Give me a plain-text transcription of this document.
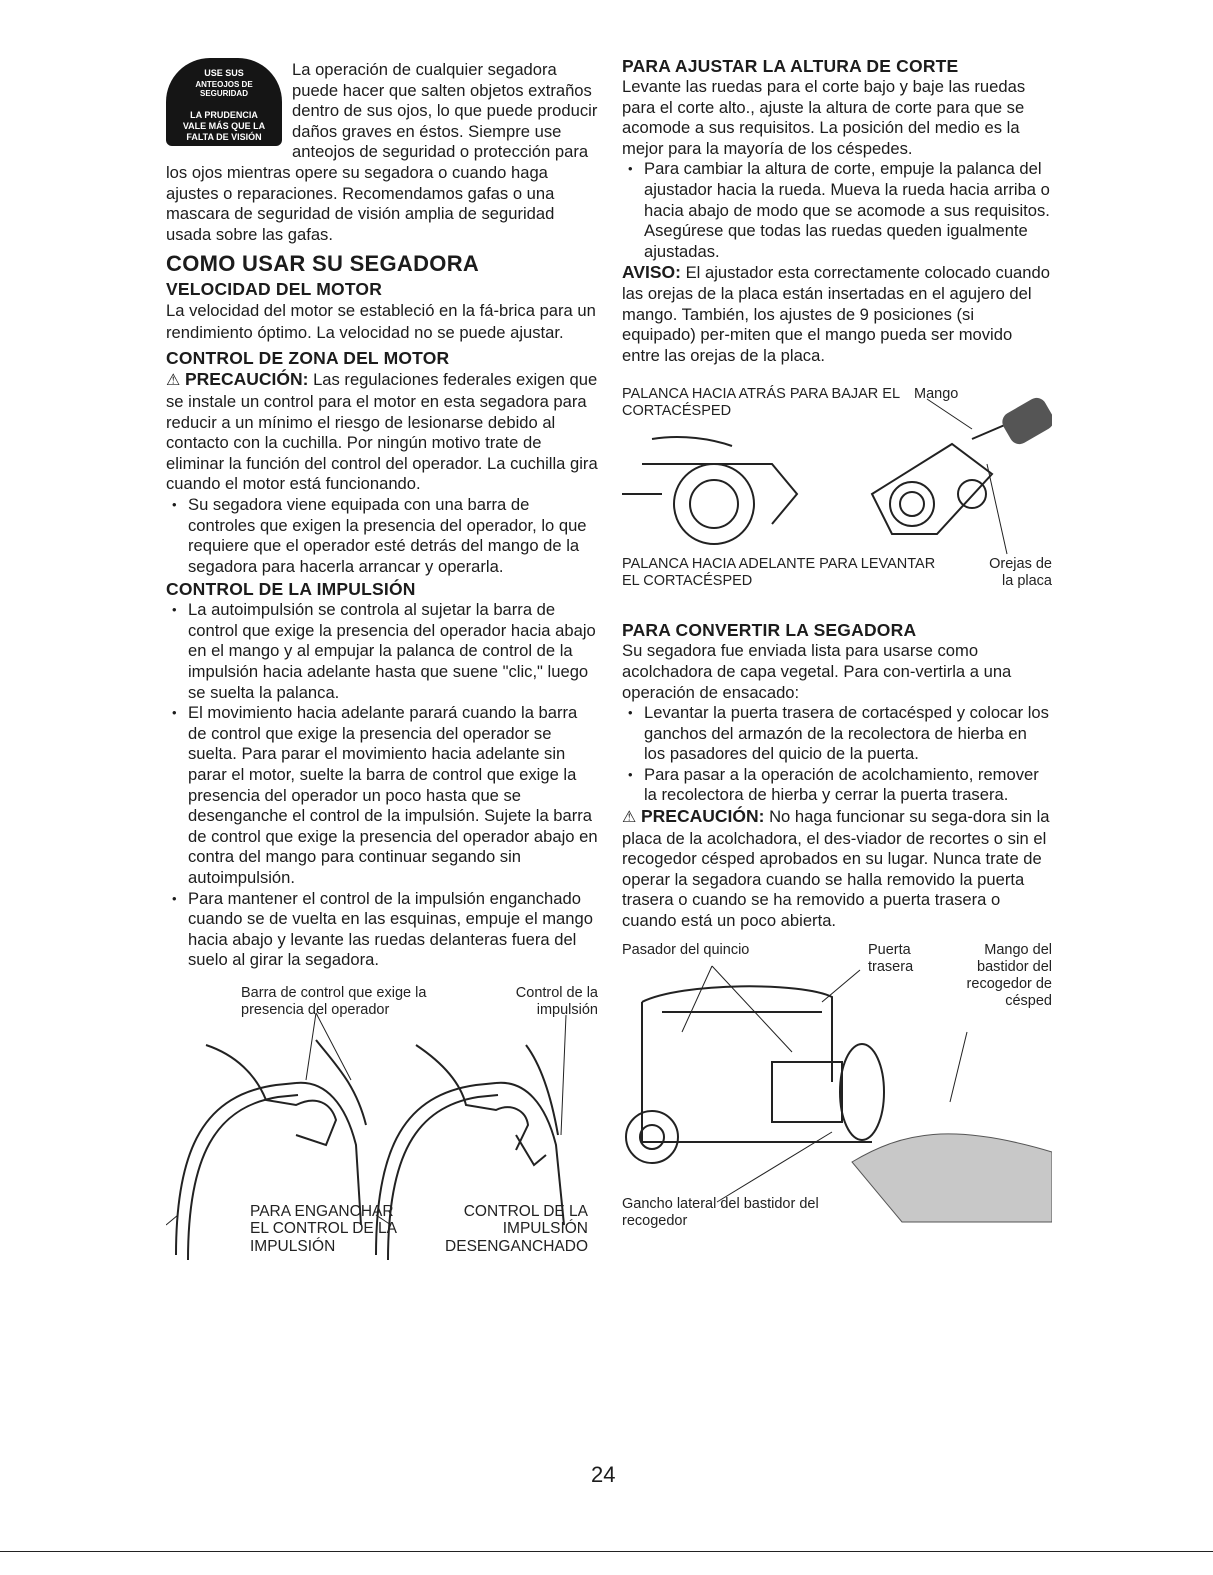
USE SUS
ANTEOJOS DE
SEGURIDAD
LA PRUDENCIA
VALE MÁS QUE LA
FALTA DE VISIÓN

La operación de cualquier segadora puede hacer que salten objetos extraños dentro de sus ojos, lo que puede producir daños graves en éstos. Siempre use anteojos de seguridad o protección para los ojos mientras opere su segadora o cuando haga ajustes o reparaciones. Recomendamos gafas o una mascara de seguridad de visión amplia de seguridad usada sobre las gafas.

COMO USAR SU SEGADORA
VELOCIDAD DEL MOTOR

La velocidad del motor se estableció en la fá-brica para un rendimiento óptimo. La velocidad no se puede ajustar.

CONTROL DE ZONA DEL MOTOR

⚠ PRECAUCIÓN: Las regulaciones federales exigen que se instale un control para el motor en esta segadora para reducir a un mínimo el riesgo de lesionarse debido al contacto con la cuchilla. Por ningún motivo trate de eliminar la función del control del operador. La cuchilla gira cuando el motor está funcionando.

• Su segadora viene equipada con una barra de controles que exigen la presencia del operador, lo que requiere que el operador esté detrás del mango de la segadora para hacerla arrancar y operarla.
CONTROL DE LA IMPULSIÓN
• La autoimpulsión se controla al sujetar la barra de control que exige la presencia del operador hacia abajo en el mango y al empujar la palanca de control de la impulsión hacia adelante hasta que suene "clic," luego se suelta la palanca.
• El movimiento hacia adelante parará cuando la barra de control que exige la presencia del operador se suelta. Para parar el movimiento hacia adelante sin parar el motor, suelte la barra de control que exige la presencia del operador un poco hasta que se desenganche el control de la impulsión. Sujete la barra de control que exige la presencia del operador abajo en contra del mango para continuar segando sin autoimpulsión.
• Para mantener el control de la impulsión enganchado cuando se de vuelta en las esquinas, empuje el mango hacia abajo y levante las ruedas delanteras fuera del suelo al girar la segadora.
Barra de control que exige la presencia del operador
Control de la impulsión
PARA ENGANCHAR EL CONTROL DE LA IMPULSIÓN
CONTROL DE LA IMPULSIÓN DESENGANCHADO
PARA AJUSTAR LA ALTURA DE CORTE

Levante las ruedas para el corte bajo y baje las ruedas para el corte alto., ajuste la altura de corte para que se acomode a sus requisitos. La posición del medio es la mejor para la mayoría de los céspedes.

• Para cambiar la altura de corte, empuje la palanca del ajustador hacia la rueda. Mueva la rueda hacia arriba o hacia abajo de modo que se acomode a sus requisitos. Asegúrese que todas las ruedas queden igualmente ajustadas.

AVISO: El ajustador esta correctamente colocado cuando las orejas de la placa están insertadas en el agujero del mango. También, los ajustes de 9 posiciones (si equipado) per-miten que el mango pueda ser movido entre las orejas de la placa.

PALANCA HACIA ATRÁS PARA BAJAR EL CORTACÉSPED
Mango
PALANCA HACIA ADELANTE PARA LEVANTAR EL CORTACÉSPED
Orejas de la placa
PARA CONVERTIR LA SEGADORA

Su segadora fue enviada lista para usarse como acolchadora de capa vegetal. Para con-vertirla a una operación de ensacado:

• Levantar la puerta trasera de cortacésped y colocar los ganchos del armazón de la recolectora de hierba en los pasadores del quicio de la puerta.
• Para pasar a la operación de acolchamiento, remover la recolectora de hierba y cerrar la puerta trasera.

⚠ PRECAUCIÓN: No haga funcionar su sega-dora sin la placa de la acolchadora, el des-viador de recortes o sin el recogedor césped aprobados en su lugar. Nunca trate de operar la segadora cuando se halla removido la puerta trasera o cuando se ha removido a puerta trasera o cuando está un poco abierta.

Pasador del quincio	Puerta trasera
Mango del bastidor del recogedor de césped
Gancho lateral del bastidor del recogedor
24
